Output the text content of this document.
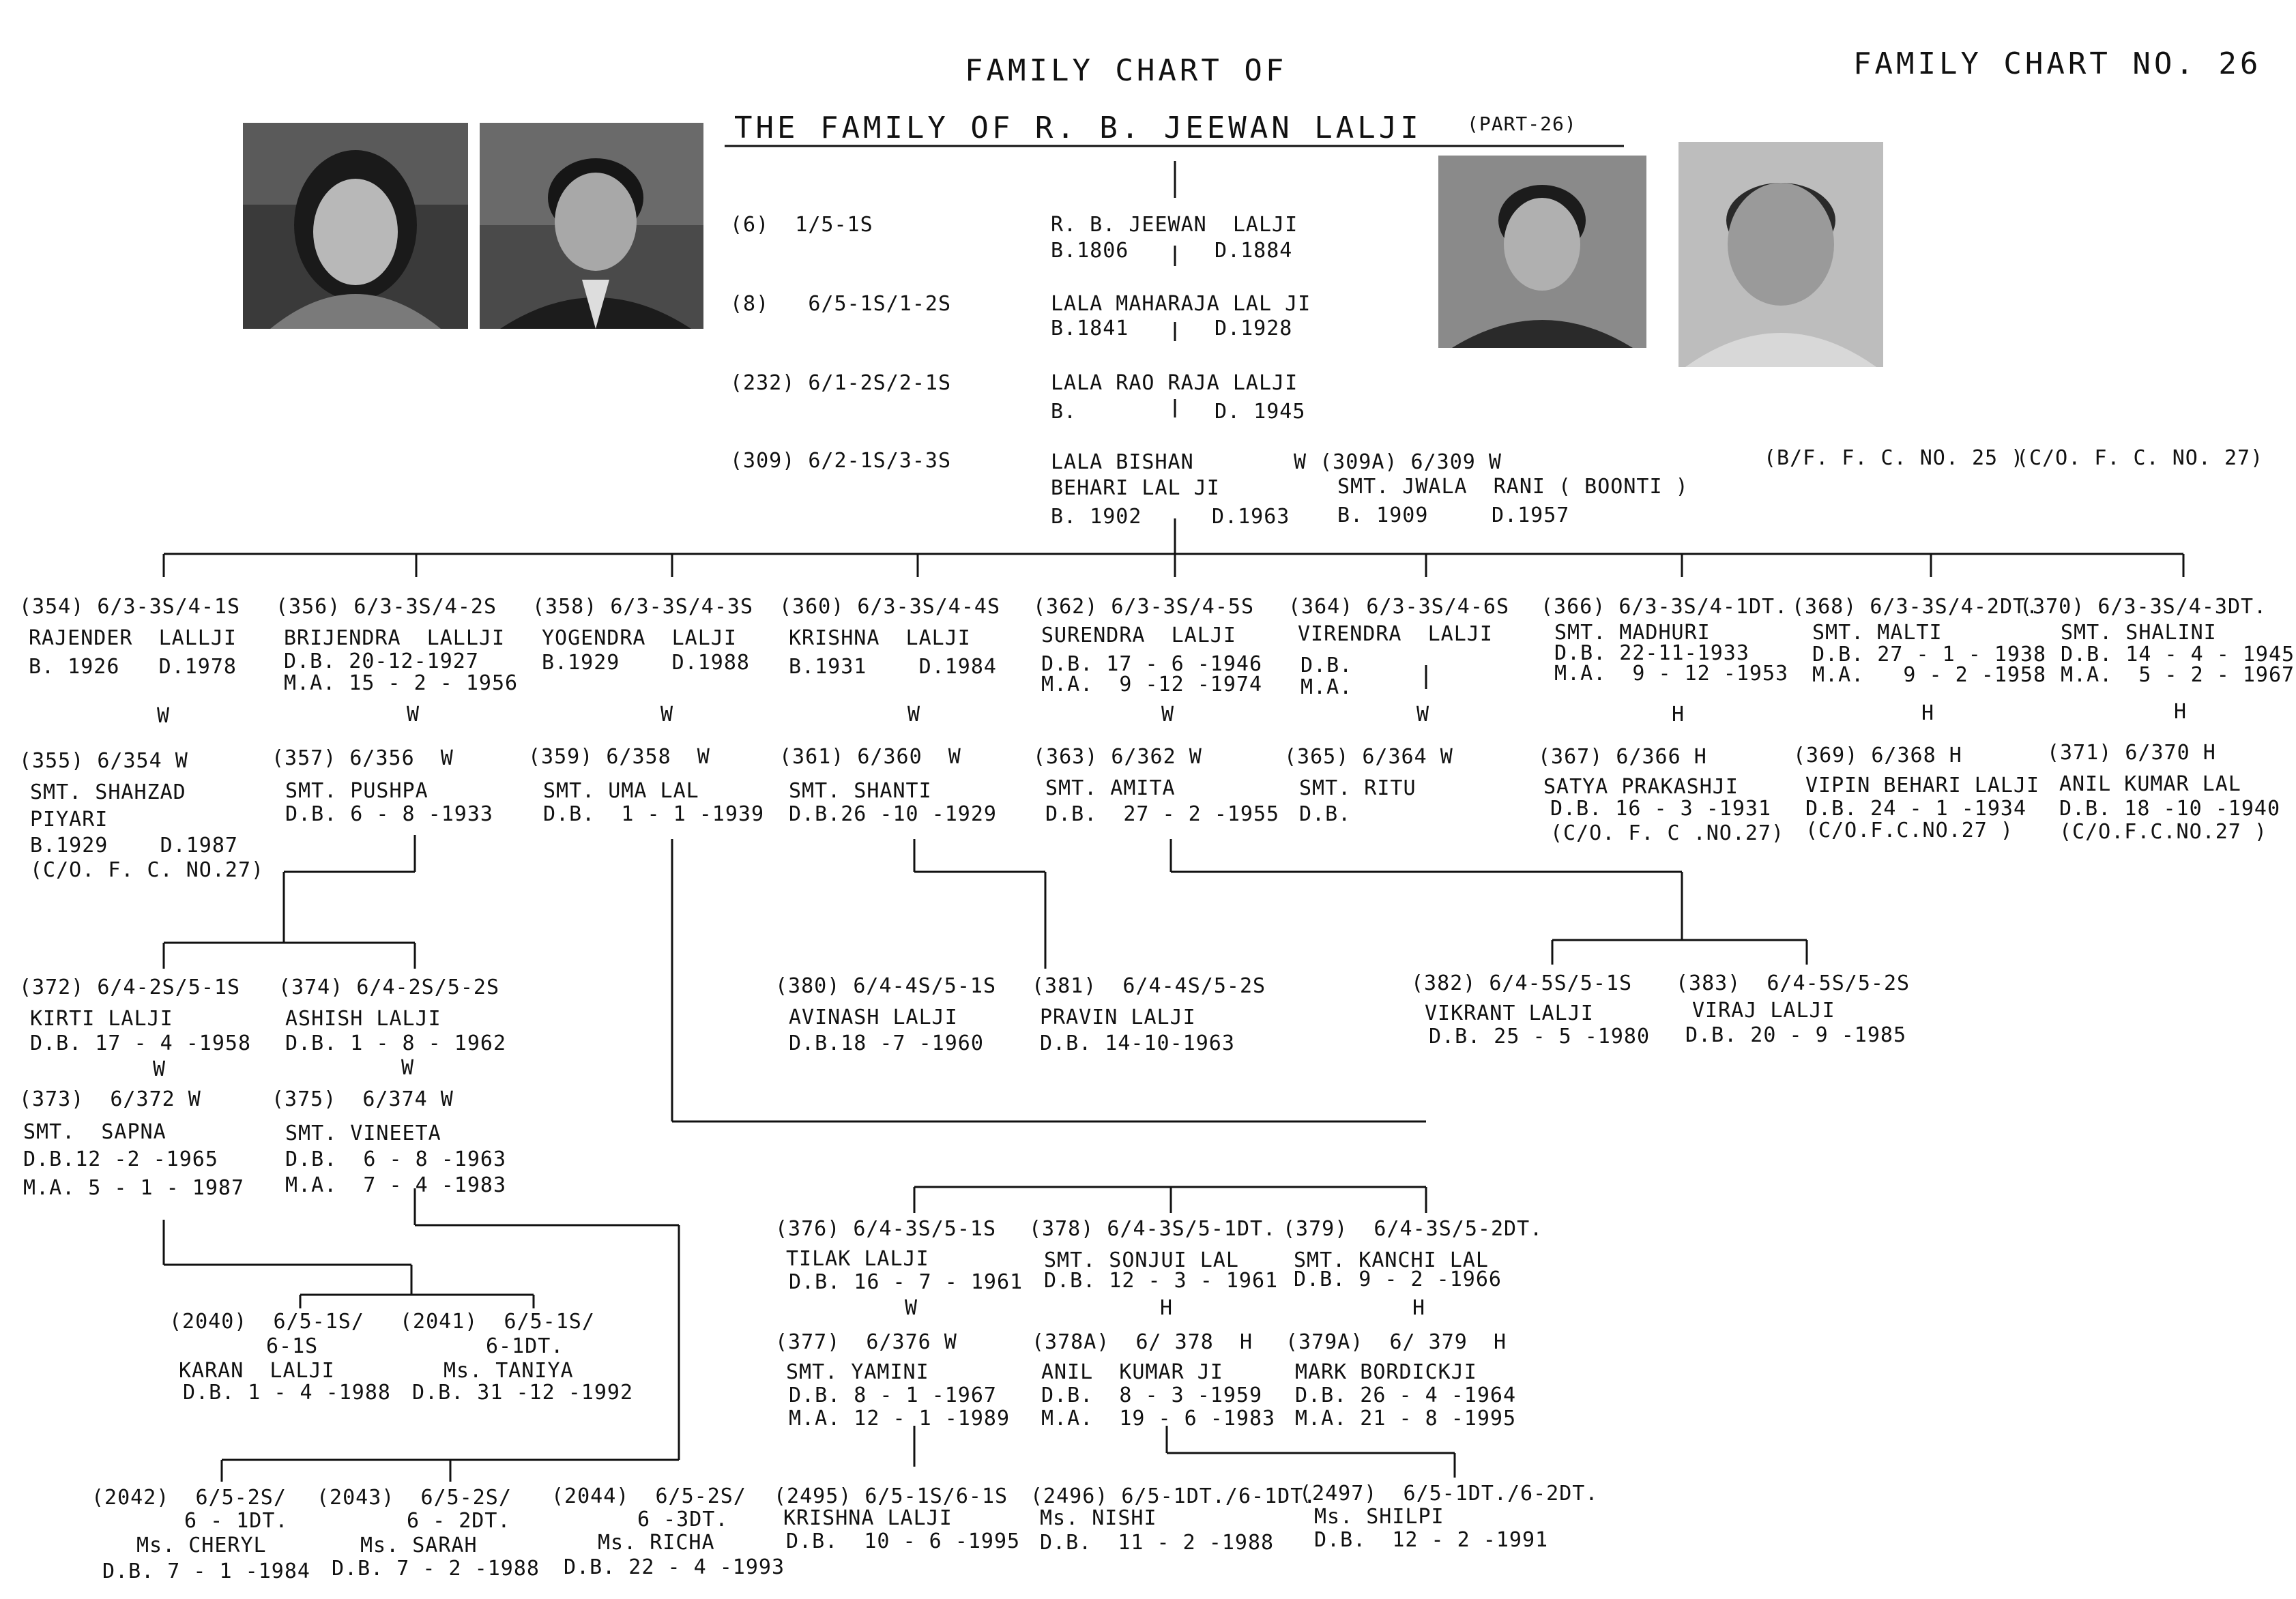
FAMILY CHART OF
THE FAMILY OF R. B. JEEWAN LALJI (PART-26)
FAMILY CHART NO. 26
(B/F. F. C. NO. 25 )
(C/O. F. C. NO. 27)
(6)  1/5-1S	R. B. JEEWAN  LALJI
B.1806	D.1884
(8)   6/5-1S/1-2S	LALA MAHARAJA LAL JI
B.1841	D.1928
(232) 6/1-2S/2-1S	LALA RAO RAJA LALJI
B.	D. 1945
(309) 6/2-1S/3-3S	LALA BISHAN
BEHARI LAL JI
B. 1902	D.1963
W (309A) 6/309 W
SMT. JWALA  RANI ( BOONTI )
B. 1909	D.1957
(354) 6/3-3S/4-1S
RAJENDER  LALLJI
B. 1926   D.1978
(356) 6/3-3S/4-2S
BRIJENDRA  LALLJI
D.B. 20-12-1927
M.A. 15 - 2 - 1956
(358) 6/3-3S/4-3S
YOGENDRA  LALJI
B.1929    D.1988
(360) 6/3-3S/4-4S
KRISHNA  LALJI
B.1931    D.1984
(362) 6/3-3S/4-5S
SURENDRA  LALJI
D.B. 17 - 6 -1946
M.A.  9 -12 -1974
(364) 6/3-3S/4-6S
VIRENDRA  LALJI
D.B.
M.A.
(366) 6/3-3S/4-1DT.
SMT. MADHURI
D.B. 22-11-1933
M.A.  9 - 12 -1953
(368) 6/3-3S/4-2DT.
SMT. MALTI
D.B. 27 - 1 - 1938
M.A.   9 - 2 -1958
(370) 6/3-3S/4-3DT.
SMT. SHALINI
D.B. 14 - 4 - 1945
M.A.  5 - 2 - 1967
W	W	W	W	W	W	H	H	H
(355) 6/354 W
SMT. SHAHZAD
PIYARI
B.1929    D.1987
(C/O. F. C. NO.27)
(357) 6/356  W
SMT. PUSHPA
D.B. 6 - 8 -1933
(359) 6/358  W
SMT. UMA LAL
D.B.  1 - 1 -1939
(361) 6/360  W
SMT. SHANTI
D.B.26 -10 -1929
(363) 6/362 W
SMT. AMITA
D.B.  27 - 2 -1955
(365) 6/364 W
SMT. RITU
D.B.
(367) 6/366 H
SATYA PRAKASHJI
D.B. 16 - 3 -1931
(C/O. F. C .NO.27)
(369) 6/368 H
VIPIN BEHARI LALJI
D.B. 24 - 1 -1934
(C/O.F.C.NO.27 )
(371) 6/370 H
ANIL KUMAR LAL
D.B. 18 -10 -1940
(C/O.F.C.NO.27 )
(372) 6/4-2S/5-1S
KIRTI LALJI
D.B. 17 - 4 -1958
W
(374) 6/4-2S/5-2S
ASHISH LALJI
D.B. 1 - 8 - 1962
W
(373)  6/372 W
SMT.  SAPNA
D.B.12 -2 -1965
M.A. 5 - 1 - 1987
(375)  6/374 W
SMT. VINEETA
D.B.  6 - 8 -1963
M.A.  7 - 4 -1983
(380) 6/4-4S/5-1S
AVINASH LALJI
D.B.18 -7 -1960
(381)  6/4-4S/5-2S
PRAVIN LALJI
D.B. 14-10-1963
(382) 6/4-5S/5-1S
VIKRANT LALJI
D.B. 25 - 5 -1980
(383)  6/4-5S/5-2S
VIRAJ LALJI
D.B. 20 - 9 -1985
(376) 6/4-3S/5-1S
TILAK LALJI
D.B. 16 - 7 - 1961
W
(378) 6/4-3S/5-1DT.
SMT. SONJUI LAL
D.B. 12 - 3 - 1961
H
(379)  6/4-3S/5-2DT.
SMT. KANCHI LAL
D.B. 9 - 2 -1966
H
(377)  6/376 W
SMT. YAMINI
D.B. 8 - 1 -1967
M.A. 12 - 1 -1989
(378A)  6/ 378  H
ANIL  KUMAR JI
D.B.  8 - 3 -1959
M.A.  19 - 6 -1983
(379A)  6/ 379  H
MARK BORDICKJI
D.B. 26 - 4 -1964
M.A. 21 - 8 -1995
(2040)  6/5-1S/
6-1S
KARAN  LALJI
D.B. 1 - 4 -1988
(2041)  6/5-1S/
6-1DT.
Ms. TANIYA
D.B. 31 -12 -1992
(2042)  6/5-2S/
6 - 1DT.
Ms. CHERYL
D.B. 7 - 1 -1984
(2043)  6/5-2S/
6 - 2DT.
Ms. SARAH
D.B. 7 - 2 -1988
(2044)  6/5-2S/
6 -3DT.
Ms. RICHA
D.B. 22 - 4 -1993
(2495) 6/5-1S/6-1S
KRISHNA LALJI
D.B.  10 - 6 -1995
(2496) 6/5-1DT./6-1DT.
Ms. NISHI
D.B.  11 - 2 -1988
(2497)  6/5-1DT./6-2DT.
Ms. SHILPI
D.B.  12 - 2 -1991
